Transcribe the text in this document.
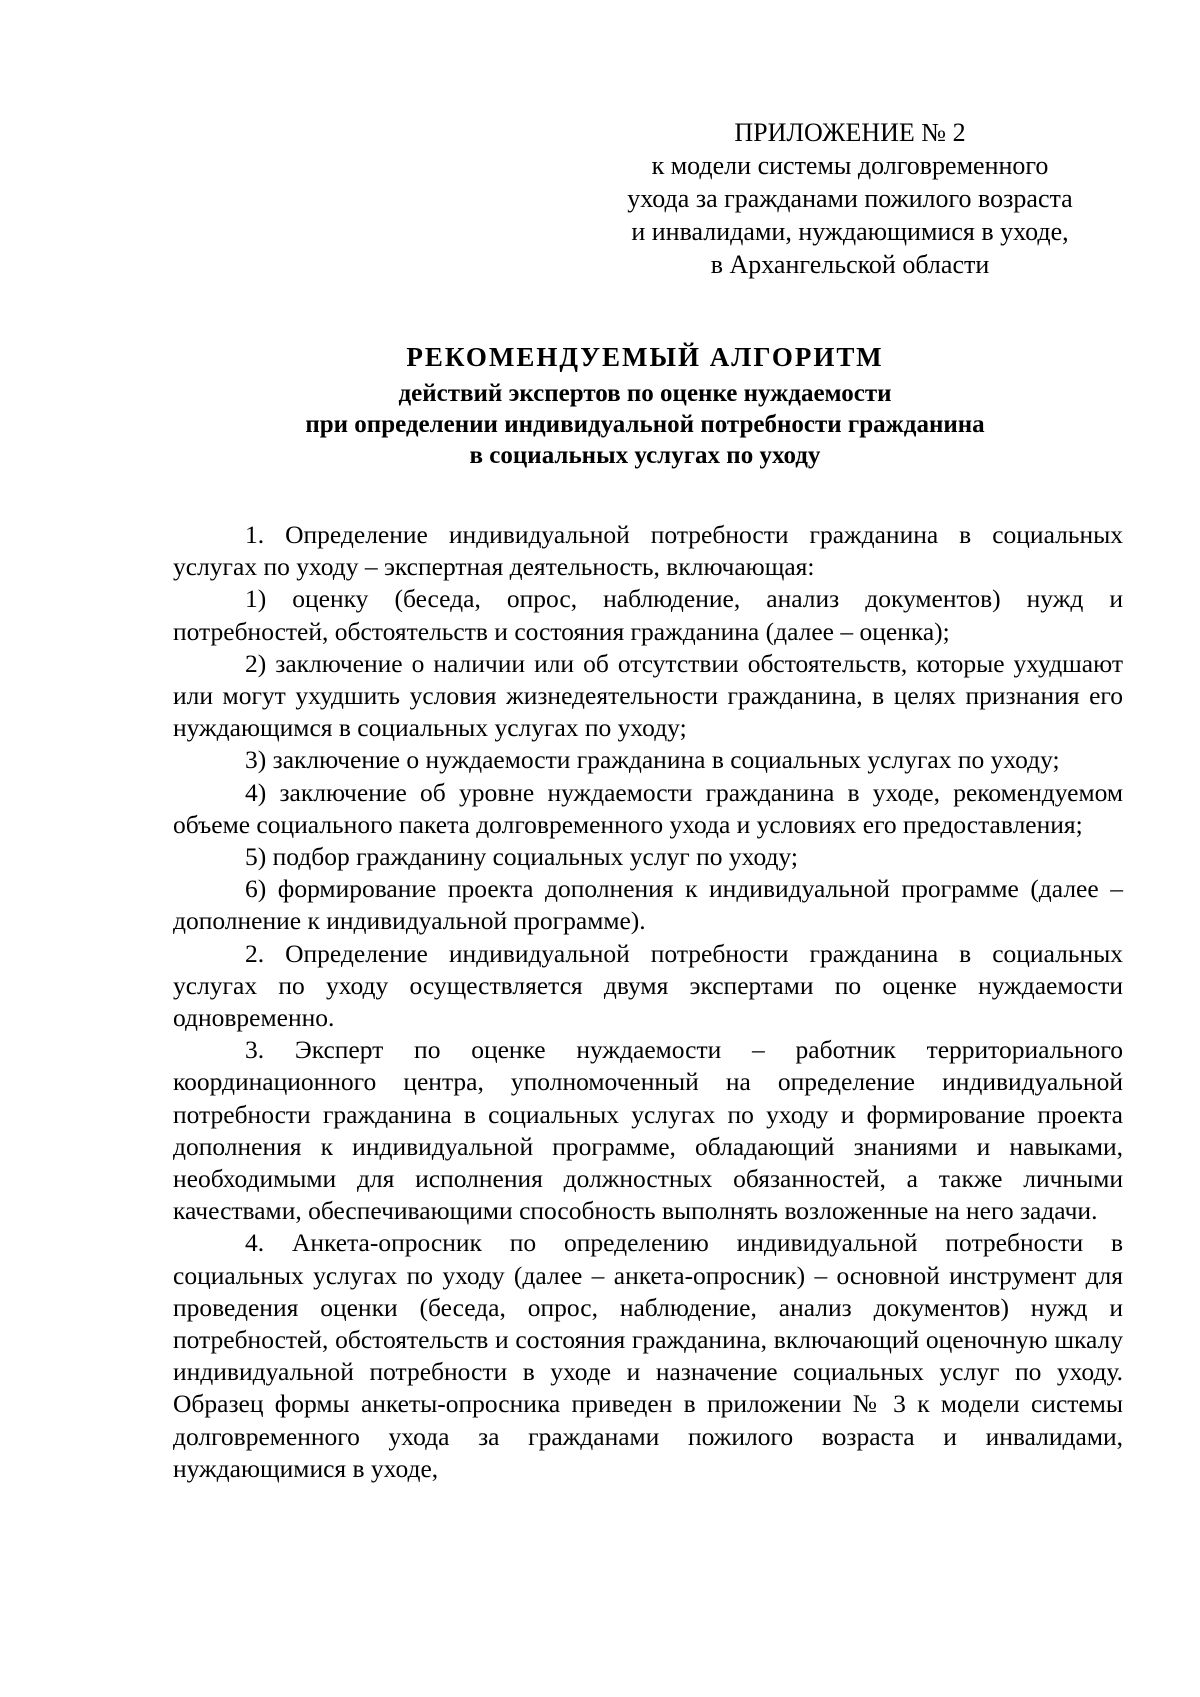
ПРИЛОЖЕНИЕ № 2
к модели системы долговременного
ухода за гражданами пожилого возраста
и инвалидами, нуждающимися в уходе,
в Архангельской области
РЕКОМЕНДУЕМЫЙ АЛГОРИТМ
действий экспертов по оценке нуждаемости
при определении индивидуальной потребности гражданина
в социальных услугах по уходу

1. Определение индивидуальной потребности гражданина в социальных услугах по уходу – экспертная деятельность, включающая:

1) оценку (беседа, опрос, наблюдение, анализ документов) нужд и потребностей, обстоятельств и состояния гражданина (далее – оценка);

2) заключение о наличии или об отсутствии обстоятельств, которые ухудшают или могут ухудшить условия жизнедеятельности гражданина, в целях признания его нуждающимся в социальных услугах по уходу;

3) заключение о нуждаемости гражданина в социальных услугах по уходу;

4) заключение об уровне нуждаемости гражданина в уходе, рекомендуемом объеме социального пакета долговременного ухода и условиях его предоставления;

5) подбор гражданину социальных услуг по уходу;

6) формирование проекта дополнения к индивидуальной программе (далее – дополнение к индивидуальной программе).

2. Определение индивидуальной потребности гражданина в социальных услугах по уходу осуществляется двумя экспертами по оценке нуждаемости одновременно.

3. Эксперт по оценке нуждаемости – работник территориального координационного центра, уполномоченный на определение индивидуальной потребности гражданина в социальных услугах по уходу и формирование проекта дополнения к индивидуальной программе, обладающий знаниями и навыками, необходимыми для исполнения должностных обязанностей, а также личными качествами, обеспечивающими способность выполнять возложенные на него задачи.

4. Анкета-опросник по определению индивидуальной потребности в социальных услугах по уходу (далее – анкета-опросник) – основной инструмент для проведения оценки (беседа, опрос, наблюдение, анализ документов) нужд и потребностей, обстоятельств и состояния гражданина, включающий оценочную шкалу индивидуальной потребности в уходе и назначение социальных услуг по уходу. Образец формы анкеты-опросника приведен в приложении № 3 к модели системы долговременного ухода за гражданами пожилого возраста и инвалидами, нуждающимися в уходе,
